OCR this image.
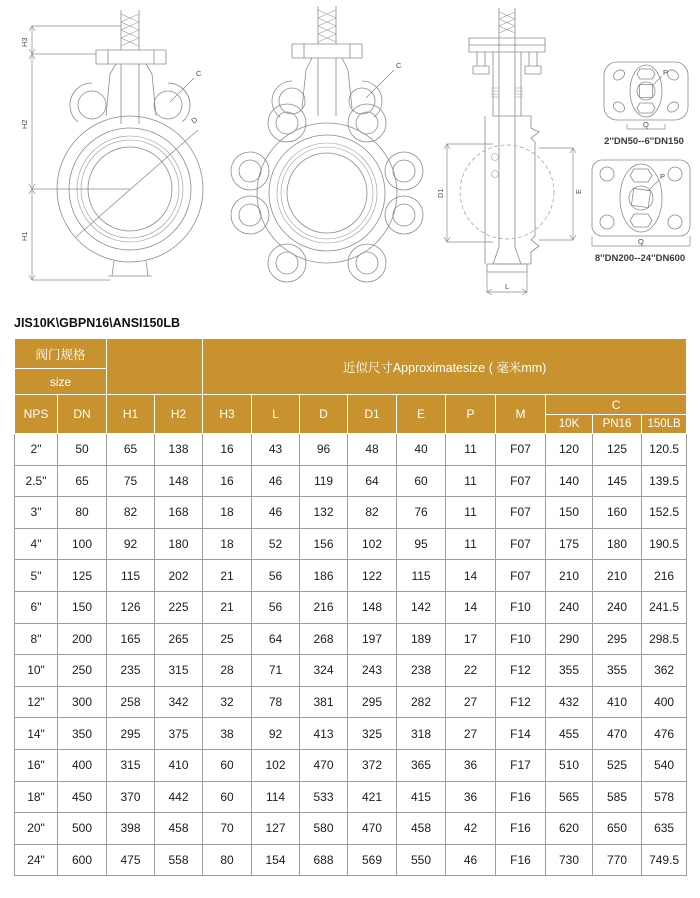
D
C
H3
H2
H1
C
D1	E
L
P
Q
2''DN50--6''DN150
P
Q
8''DN200--24''DN600
JIS10K\GBPN16\ANSI150LB
阀门规格				近似尺寸Approximatesize ( 毫米mm)									
size													
NPS	DN	H1	H2	H3	L	D	D1	E	P	M	C		
											10K	PN16	150LB
2"	50	65	138	16	43	96	48	40	11	F07	120	125	120.5
2.5"	65	75	148	16	46	119	64	60	11	F07	140	145	139.5
3"	80	82	168	18	46	132	82	76	11	F07	150	160	152.5
4"	100	92	180	18	52	156	102	95	11	F07	175	180	190.5
5"	125	115	202	21	56	186	122	115	14	F07	210	210	216
6"	150	126	225	21	56	216	148	142	14	F10	240	240	241.5
8"	200	165	265	25	64	268	197	189	17	F10	290	295	298.5
10"	250	235	315	28	71	324	243	238	22	F12	355	355	362
12"	300	258	342	32	78	381	295	282	27	F12	432	410	400
14"	350	295	375	38	92	413	325	318	27	F14	455	470	476
16"	400	315	410	60	102	470	372	365	36	F17	510	525	540
18"	450	370	442	60	114	533	421	415	36	F16	565	585	578
20"	500	398	458	70	127	580	470	458	42	F16	620	650	635
24"	600	475	558	80	154	688	569	550	46	F16	730	770	749.5
